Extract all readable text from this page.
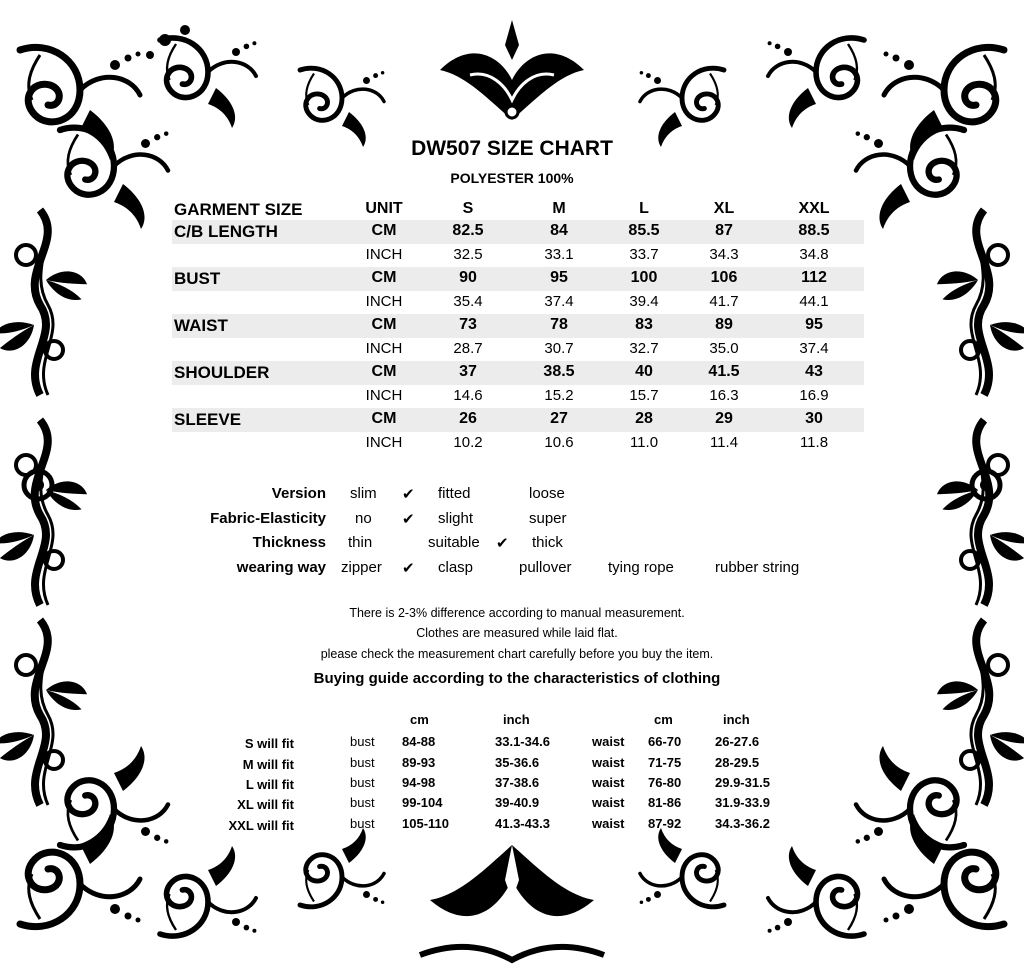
DW507 SIZE CHART
POLYESTER 100%
GARMENT SIZE	UNIT	S	M	L	XL	XXL
C/B LENGTH	CM	82.5	84	85.5	87	88.5
INCH	32.5	33.1	33.7	34.3	34.8
BUST	CM	90	95	100	106	112
INCH	35.4	37.4	39.4	41.7	44.1
WAIST	CM	73	78	83	89	95
INCH	28.7	30.7	32.7	35.0	37.4
SHOULDER	CM	37	38.5	40	41.5	43
INCH	14.6	15.2	15.7	16.3	16.9
SLEEVE	CM	26	27	28	29	30
INCH	10.2	10.6	11.0	11.4	11.8
Version slim ✔ fitted	loose
Fabric-Elasticity no ✔ slight	super
Thickness thin	suitable ✔ thick
wearing way zipper ✔ clasp	pullover tying rope	rubber string
There is 2-3% difference according to manual measurement.
Clothes are measured while laid flat.
please check the measurement chart carefully before you buy the item.
Buying guide according to the characteristics of clothing
cm	inch	cm	inch
S will fit	bust 84-88	33.1-34.6	waist 66-70	26-27.6
M will fit	bust 89-93	35-36.6	waist 71-75	28-29.5
L will fit	bust 94-98	37-38.6	waist 76-80	29.9-31.5
XL will fit	bust 99-104	39-40.9	waist 81-86	31.9-33.9
XXL will fit	bust 105-110	41.3-43.3	waist 87-92	34.3-36.2
